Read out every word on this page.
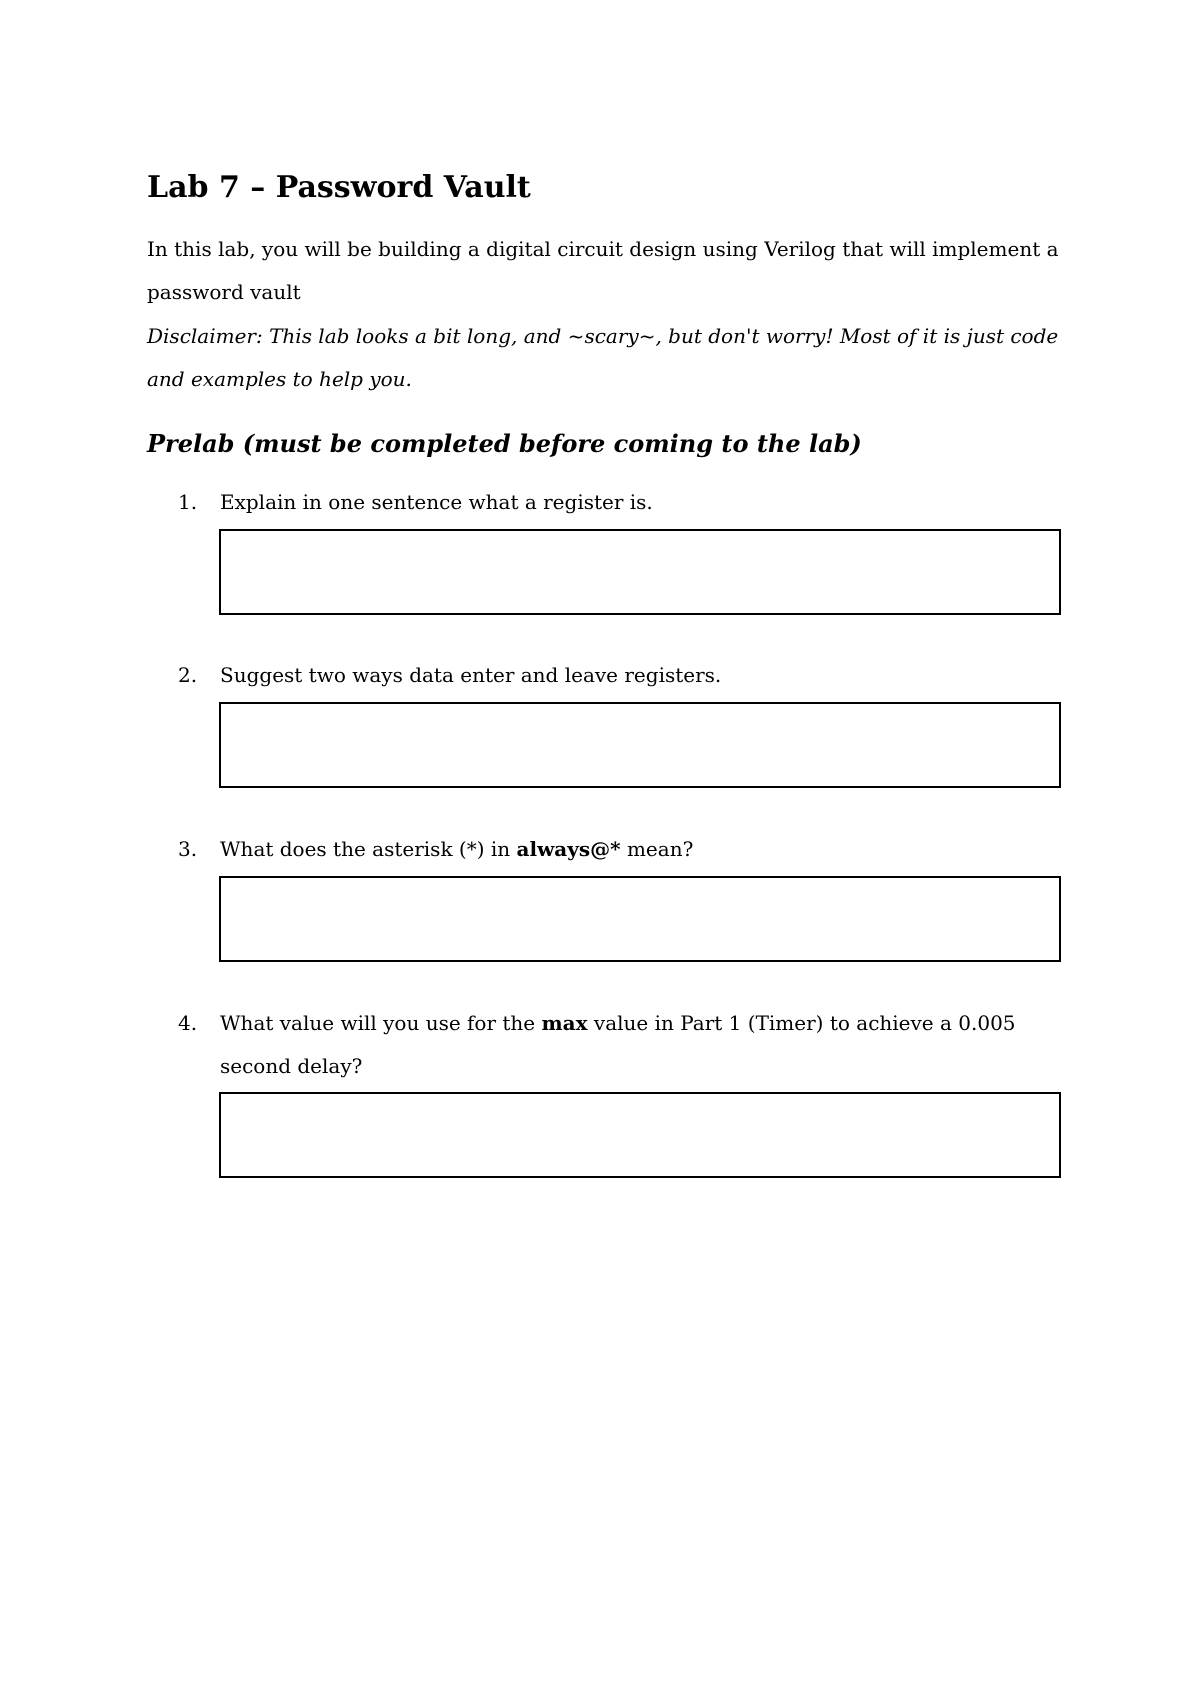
Lab 7 – Password Vault

In this lab, you will be building a digital circuit design using Verilog that will implement a password vault

Disclaimer: This lab looks a bit long, and ~scary~, but don't worry! Most of it is just code and examples to help you.

Prelab (must be completed before coming to the lab)
1. Explain in one sentence what a register is.
2. Suggest two ways data enter and leave registers.
3. What does the asterisk (*) in always@* mean?
4. What value will you use for the max value in Part 1 (Timer) to achieve a 0.005 second delay?
